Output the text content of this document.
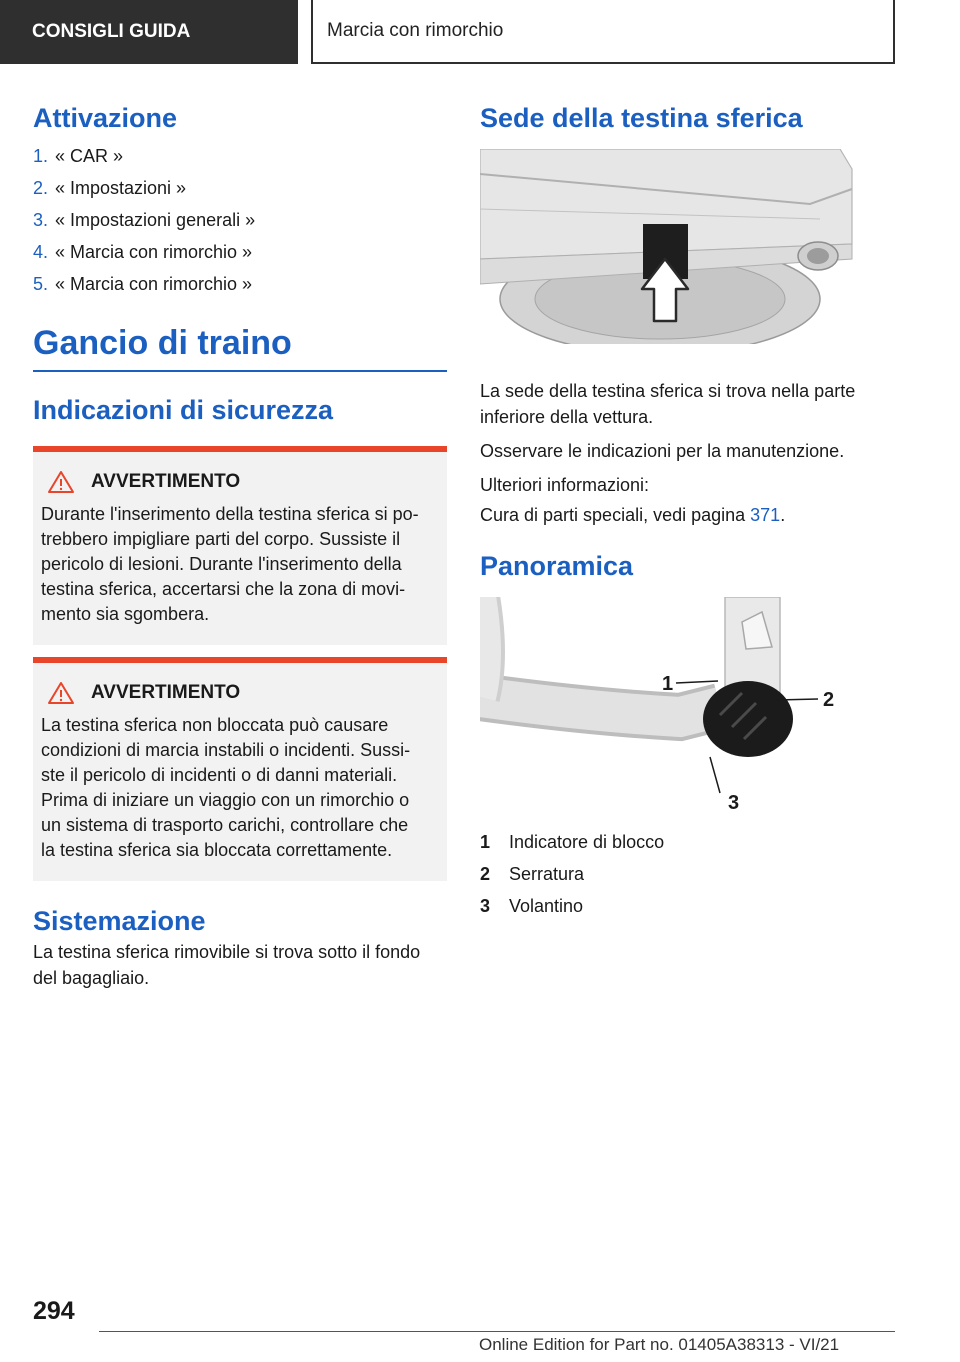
CONSIGLI GUIDA	Marcia con rimorchio
Attivazione
1. « CAR »
2. « Impostazioni »
3. « Impostazioni generali »
4. « Marcia con rimorchio »
5. « Marcia con rimorchio »
Gancio di traino
Indicazioni di sicurezza
AVVERTIMENTO
Durante l'inserimento della testina sferica si po‐
trebbero impigliare parti del corpo. Sussiste il
pericolo di lesioni. Durante l'inserimento della
testina sferica, accertarsi che la zona di movi‐
mento sia sgombera.
AVVERTIMENTO
La testina sferica non bloccata può causare
condizioni di marcia instabili o incidenti. Sussi‐
ste il pericolo di incidenti o di danni materiali.
Prima di iniziare un viaggio con un rimorchio o
un sistema di trasporto carichi, controllare che
la testina sferica sia bloccata correttamente.
Sistemazione

La testina sferica rimovibile si trova sotto il fondo
del bagagliaio.

Sede della testina sferica

La sede della testina sferica si trova nella parte
inferiore della vettura.

Osservare le indicazioni per la manutenzione.

Ulteriori informazioni:

Cura di parti speciali, vedi pagina 371.

Panoramica
1
2
3
1	Indicatore di blocco
2	Serratura
3	Volantino
294
Online Edition for Part no. 01405A38313 - VI/21
